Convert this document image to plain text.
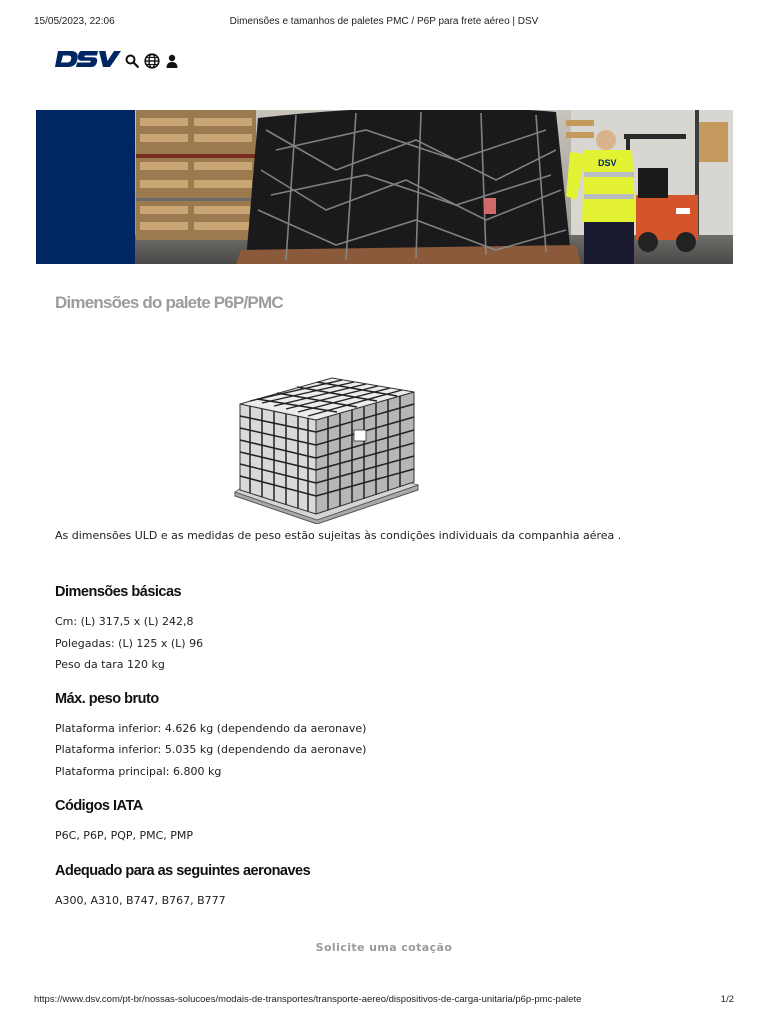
15/05/2023, 22:06	Dimensões e tamanhos de paletes PMC / P6P para frete aéreo | DSV
DSV
Dimensões do palete P6P/PMC

As dimensões ULD e as medidas de peso estão sujeitas às condições individuais da companhia aérea .

Dimensões básicas

Cm: (L) 317,5 x (L) 242,8

Polegadas: (L) 125 x (L) 96

Peso da tara 120 kg

Máx. peso bruto

Plataforma inferior: 4.626 kg (dependendo da aeronave)

Plataforma inferior: 5.035 kg (dependendo da aeronave)

Plataforma principal: 6.800 kg

Códigos IATA

P6C, P6P, PQP, PMC, PMP

Adequado para as seguintes aeronaves

A300, A310, B747, B767, B777

Solicite uma cotação
https://www.dsv.com/pt-br/nossas-solucoes/modais-de-transportes/transporte-aereo/dispositivos-de-carga-unitaria/p6p-pmc-palete	1/2
